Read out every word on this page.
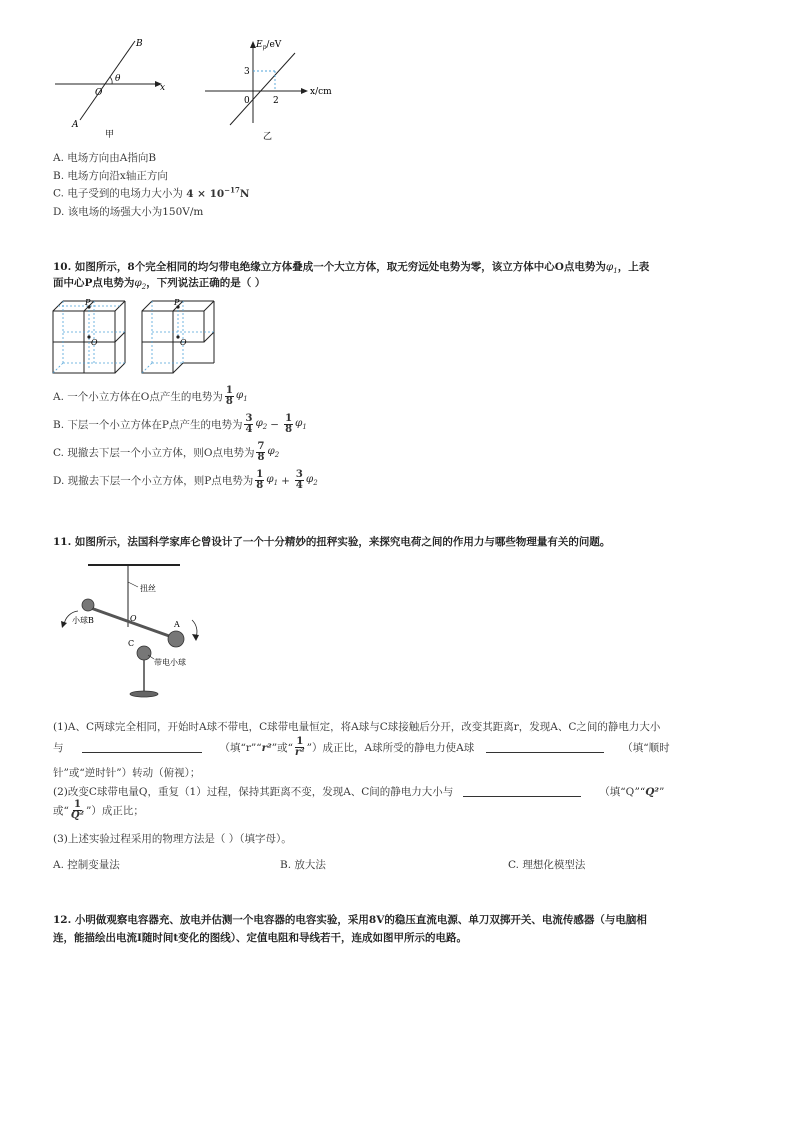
B
A
O
θ
x
甲
$E_p/eV$
3
2
0
x/cm
乙
A. 电场方向由A指向B
B. 电场方向沿x轴正方向
C. 电子受到的电场力大小为 $4 \times 10^{-17}N$
D. 该电场的场强大小为150V/m
10. 如图所示，8个完全相同的均匀带电绝缘立方体叠成一个大立方体，取无穷远处电势为零，该立方体中心O点电势为$\varphi_1$，上表
面中心P点电势为$\varphi_2$，下列说法正确的是（ ）
P
O
P
O
A. 一个小立方体在O点产生的电势为 $\frac{1}{8} \varphi_1$
B. 下层一个小立方体在P点产生的电势为 $\frac{3}{4} \varphi_2 - \frac{1}{8} \varphi_1$
C. 现撤去下层一个小立方体，则O点电势为 $\frac{7}{8} \varphi_2$
D. 现撤去下层一个小立方体，则P点电势为 $\frac{1}{8} \varphi_1 + \frac{3}{4} \varphi_2$
11. 如图所示，法国科学家库仑曾设计了一个十分精妙的扭秤实验，来探究电荷之间的作用力与哪些物理量有关的问题。
扭丝
O
小球B	A
C
带电小球
(1)A、C两球完全相同，开始时A球不带电，C球带电量恒定，将A球与C球接触后分开，改变其距离r，发现A、C之间的静电力大小
与	（填“r”“ r² ”或“ $\frac{1}{\text{r²}}$ ”）成正比，A球所受的静电力使A球	（填“顺时
针”或“逆时针”）转动（俯视）；
(2)改变C球带电量Q，重复（1）过程，保持其距离不变，发现A、C间的静电力大小与	（填“Q”“ Q² ”
或“ $\frac{1}{\text{Q²}}$ ”）成正比；
(3)上述实验过程采用的物理方法是（ ）（填字母）。
A. 控制变量法	B. 放大法	C. 理想化模型法
12. 小明做观察电容器充、放电并估测一个电容器的电容实验，采用8V的稳压直流电源、单刀双掷开关、电流传感器（与电脑相
连，能描绘出电流I随时间t变化的图线）、定值电阻和导线若干，连成如图甲所示的电路。
